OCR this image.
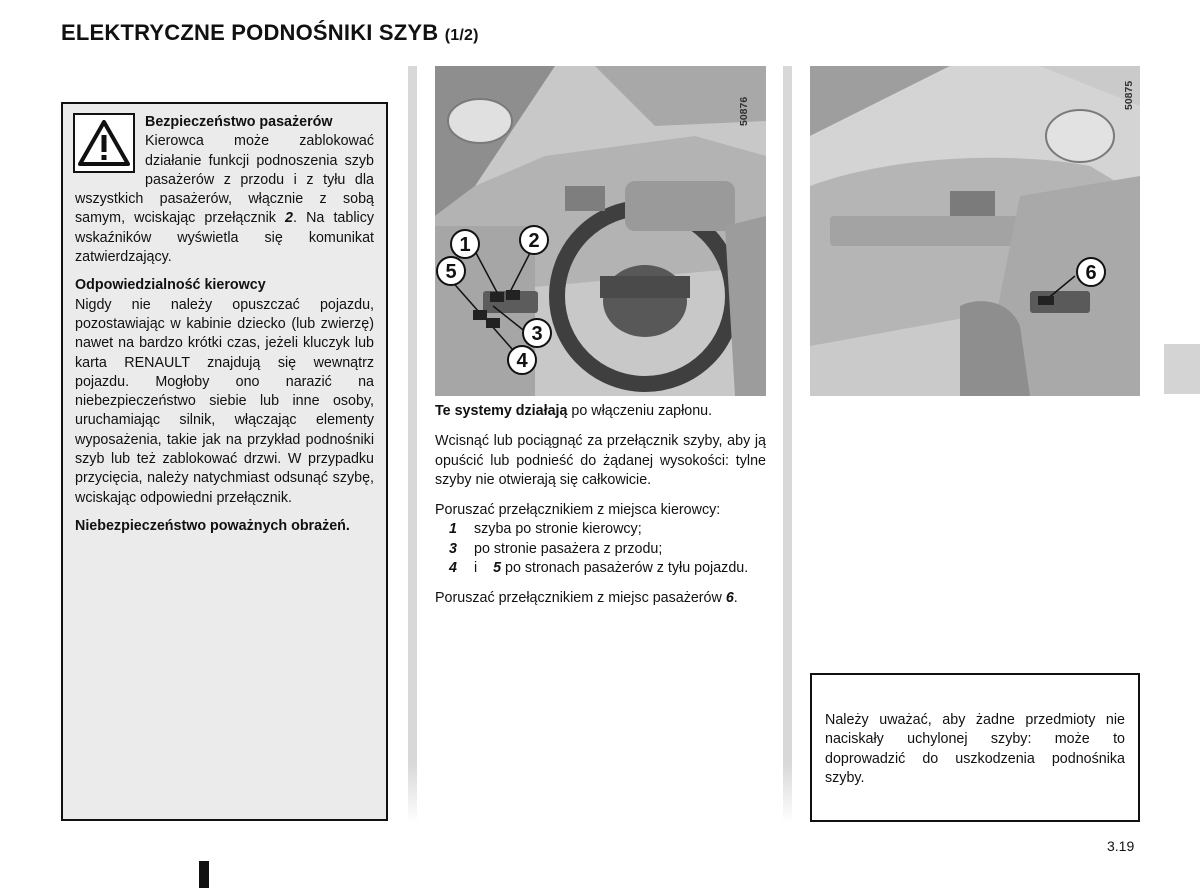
ELEKTRYCZNE PODNOŚNIKI SZYB (1/2)

Bezpieczeństwo pasażerów
Kierowca może zablokować działanie funkcji podnoszenia szyb pasażerów z przodu i z tyłu dla wszystkich pasażerów, włącznie z sobą samym, wciskając przełącznik 2. Na tablicy wskaźników wyświetla się komunikat zatwierdzający.

Odpowiedzialność kierowcy
Nigdy nie należy opuszczać pojazdu, pozostawiając w kabinie dziecko (lub zwierzę) nawet na bardzo krótki czas, jeżeli kluczyk lub karta RENAULT znajdują się wewnątrz pojazdu. Mogłoby ono narazić na niebezpieczeństwo siebie lub inne osoby, uruchamiając silnik, włączając elementy wyposażenia, takie jak na przykład podnośniki szyb lub też zablokować drzwi. W przypadku przycięcia, należy natychmiast odsunąć szybę, wciskając odpowiedni przełącznik.

Niebezpieczeństwo poważnych obrażeń.

50876
1	2
5
3
4
50875
6

Te systemy działają po włączeniu zapłonu.

Wcisnąć lub pociągnąć za przełącznik szyby, aby ją opuścić lub podnieść do żądanej wysokości: tylne szyby nie otwierają się całkowicie.

Poruszać przełącznikiem z miejsca kierowcy:

1 szyba po stronie kierowcy;
3 po stronie pasażera z przodu;
4	i 5 po stronach pasażerów z tyłu pojazdu.

Poruszać przełącznikiem z miejsc pasażerów 6.

Należy uważać, aby żadne przedmioty nie naciskały uchylonej szyby: może to doprowadzić do uszkodzenia podnośnika szyby.
3.19
